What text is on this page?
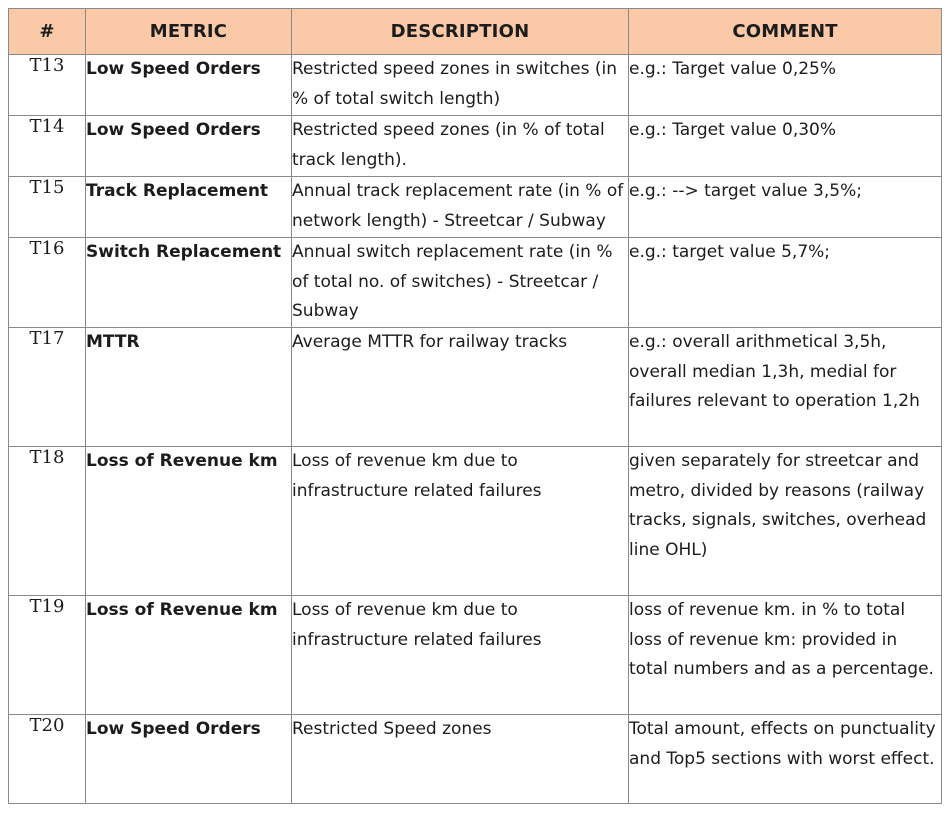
#	METRIC	DESCRIPTION	COMMENT
T13	Low Speed Orders	Restricted speed zones in switches (in % of total switch length)	e.g.: Target value 0,25%
T14	Low Speed Orders	Restricted speed zones (in % of total track length).	e.g.: Target value 0,30%
T15	Track Replacement	Annual track replacement rate (in % of network length) - Streetcar / Subway	e.g.: --> target value 3,5%;
T16	Switch Replacement	Annual switch replacement rate (in % of total no. of switches) - Streetcar / Subway	e.g.: target value 5,7%;
T17	MTTR	Average MTTR for railway tracks	e.g.: overall arithmetical 3,5h, overall median 1,3h, medial for failures relevant to operation 1,2h
T18	Loss of Revenue km	Loss of revenue km due to infrastructure related failures	given separately for streetcar and metro, divided by reasons (railway tracks, signals, switches, overhead line OHL)
T19	Loss of Revenue km	Loss of revenue km due to infrastructure related failures	loss of revenue km. in % to total loss of revenue km: provided in total numbers and as a percentage.
T20	Low Speed Orders	Restricted Speed zones	Total amount, effects on punctuality and Top5 sections with worst effect.
